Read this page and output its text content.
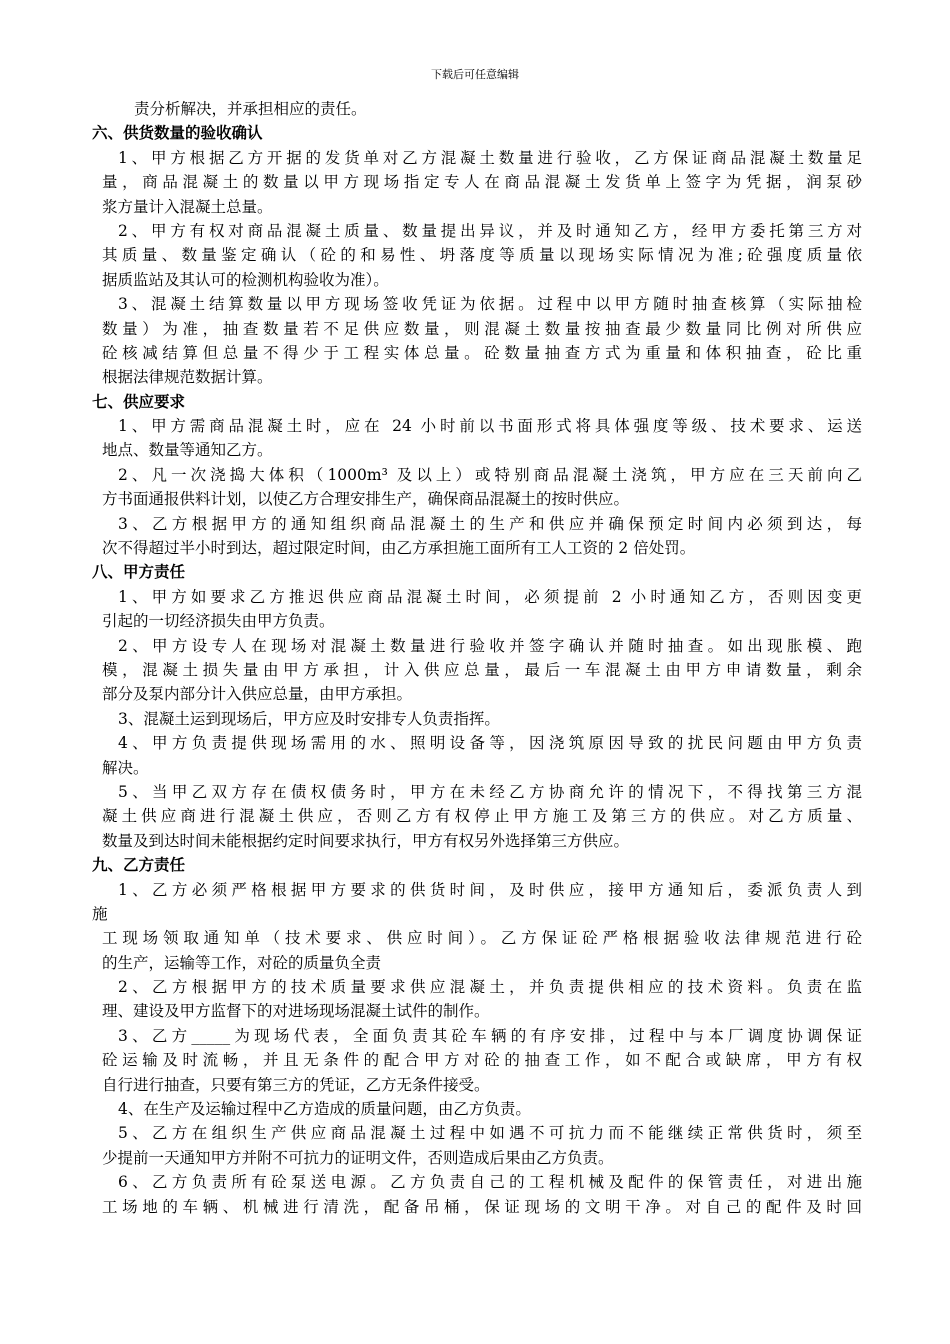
下载后可任意编辑
责分析解决，并承担相应的责任。
六、供货数量的验收确认
1、甲方根据乙方开据的发货单对乙方混凝土数量进行验收，乙方保证商品混凝土数量足
量，商品混凝土的数量以甲方现场指定专人在商品混凝土发货单上签字为凭据，润泵砂
浆方量计入混凝土总量。
2、甲方有权对商品混凝土质量、数量提出异议，并及时通知乙方，经甲方委托第三方对
其质量、数量鉴定确认（砼的和易性、坍落度等质量以现场实际情况为准;砼强度质量依
据质监站及其认可的检测机构验收为准）。
3、混凝土结算数量以甲方现场签收凭证为依据。过程中以甲方随时抽查核算（实际抽检
数量）为准，抽查数量若不足供应数量，则混凝土数量按抽查最少数量同比例对所供应
砼核减结算但总量不得少于工程实体总量。砼数量抽查方式为重量和体积抽查，砼比重
根据法律规范数据计算。
七、供应要求
1、甲方需商品混凝土时，应在 24 小时前以书面形式将具体强度等级、技术要求、运送
地点、数量等通知乙方。
2、凡一次浇捣大体积（1000m³ 及以上）或特别商品混凝土浇筑，甲方应在三天前向乙
方书面通报供料计划，以使乙方合理安排生产，确保商品混凝土的按时供应。
3、乙方根据甲方的通知组织商品混凝土的生产和供应并确保预定时间内必须到达，每
次不得超过半小时到达，超过限定时间，由乙方承担施工面所有工人工资的 2 倍处罚。
八、甲方责任
1、甲方如要求乙方推迟供应商品混凝土时间，必须提前 2 小时通知乙方，否则因变更
引起的一切经济损失由甲方负责。
2、甲方设专人在现场对混凝土数量进行验收并签字确认并随时抽查。如出现胀模、跑
模，混凝土损失量由甲方承担，计入供应总量，最后一车混凝土由甲方申请数量，剩余
部分及泵内部分计入供应总量，由甲方承担。
3、混凝土运到现场后，甲方应及时安排专人负责指挥。
4、甲方负责提供现场需用的水、照明设备等，因浇筑原因导致的扰民问题由甲方负责
解决。
5、当甲乙双方存在债权债务时，甲方在未经乙方协商允许的情况下，不得找第三方混
凝土供应商进行混凝土供应，否则乙方有权停止甲方施工及第三方的供应。对乙方质量、
数量及到达时间未能根据约定时间要求执行，甲方有权另外选择第三方供应。
九、乙方责任
1、乙方必须严格根据甲方要求的供货时间，及时供应，接甲方通知后，委派负责人到
施
工现场领取通知单（技术要求、供应时间）。乙方保证砼严格根据验收法律规范进行砼
的生产，运输等工作，对砼的质量负全责
2、乙方根据甲方的技术质量要求供应混凝土，并负责提供相应的技术资料。负责在监
理、建设及甲方监督下的对进场现场混凝土试件的制作。
3、乙方_____为现场代表，全面负责其砼车辆的有序安排，过程中与本厂调度协调保证
砼运输及时流畅，并且无条件的配合甲方对砼的抽查工作，如不配合或缺席，甲方有权
自行进行抽查，只要有第三方的凭证，乙方无条件接受。
4、在生产及运输过程中乙方造成的质量问题，由乙方负责。
5、乙方在组织生产供应商品混凝土过程中如遇不可抗力而不能继续正常供货时，须至
少提前一天通知甲方并附不可抗力的证明文件，否则造成后果由乙方负责。
6、乙方负责所有砼泵送电源。乙方负责自己的工程机械及配件的保管责任，对进出施
工场地的车辆、机械进行清洗，配备吊桶，保证现场的文明干净。对自己的配件及时回
